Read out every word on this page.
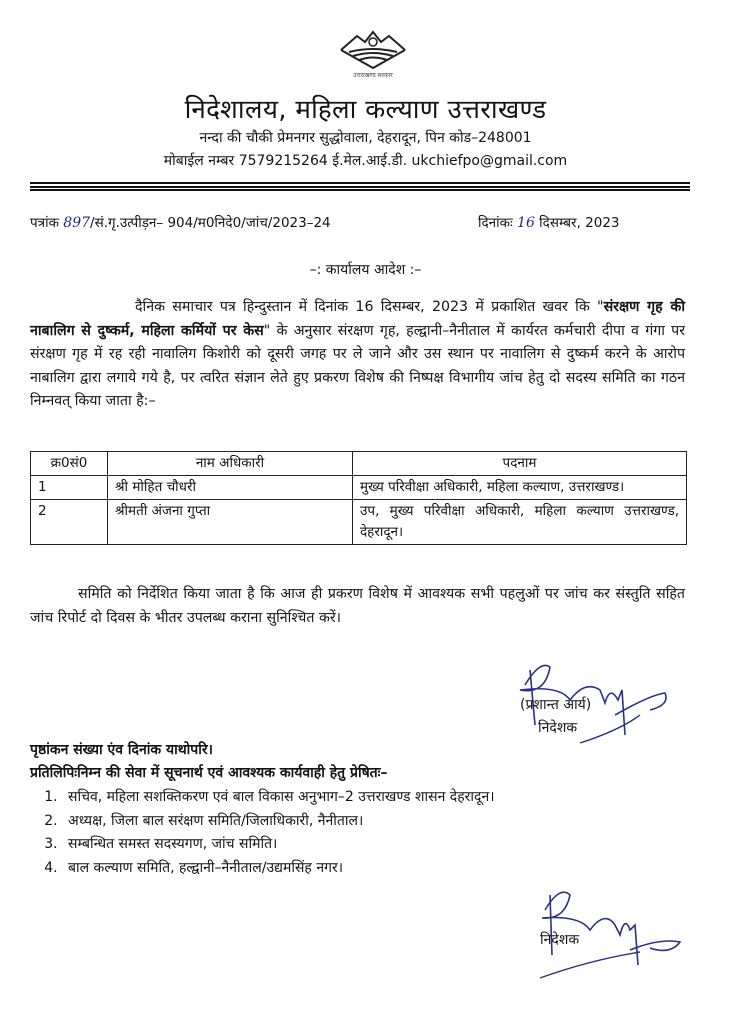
उत्तराखण्ड सरकार
निदेशालय, महिला कल्याण उत्तराखण्ड
नन्दा की चौकी प्रेमनगर सुद्धोवाला, देहरादून, पिन कोड–248001
मोबाईल नम्बर 7579215264 ई.मेल.आई.डी. ukchiefpo@gmail.com
पत्रांक 897/सं.गृ.उत्पीड़न– 904/म0निदे0/जांच/2023–24	दिनांकः 16 दिसम्बर, 2023
–: कार्यालय आदेश :–
दैनिक समाचार पत्र हिन्दुस्तान में दिनांक 16 दिसम्बर, 2023 में प्रकाशित खवर कि "संरक्षण गृह की नाबालिग से दुष्कर्म, महिला कर्मियों पर केस" के अनुसार संरक्षण गृह, हल्द्वानी–नैनीताल में कार्यरत कर्मचारी दीपा व गंगा पर संरक्षण गृह में रह रही नावालिग किशोरी को दूसरी जगह पर ले जाने और उस स्थान पर नावालिग से दुष्कर्म करने के आरोप नाबालिग द्वारा लगाये गये है, पर त्वरित संज्ञान लेते हुए प्रकरण विशेष की निष्पक्ष विभागीय जांच हेतु दो सदस्य समिति का गठन निम्नवत् किया जाता है:–
क्र0सं0	नाम अधिकारी	पदनाम
1	श्री मोहित चौधरी	मुख्य परिवीक्षा अधिकारी, महिला कल्याण, उत्तराखण्ड।
2	श्रीमती अंजना गुप्ता	उप, मुख्य परिवीक्षा अधिकारी, महिला कल्याण उत्तराखण्ड, देहरादून।
समिति को निर्देशित किया जाता है कि आज ही प्रकरण विशेष में आवश्यक सभी पहलुओं पर जांच कर संस्तुति सहित जांच रिपोर्ट दो दिवस के भीतर उपलब्ध कराना सुनिश्चित करें।
(प्रशान्त आर्य)
निदेशक
पृष्ठांकन संख्या एंव दिनांक याथोपरि।
प्रतिलिपिःनिम्न की सेवा में सूचनार्थ एवं आवश्यक कार्यवाही हेतु प्रेषितः–
1. सचिव, महिला सशक्तिकरण एवं बाल विकास अनुभाग–2 उत्तराखण्ड शासन देहरादून।
2. अध्यक्ष, जिला बाल सरंक्षण समिति/जिलाधिकारी, नैनीताल।
3. सम्बन्धित समस्त सदस्यगण, जांच समिति।
4. बाल कल्याण समिति, हल्द्वानी–नैनीताल/उद्यमसिंह नगर।
निदेशक
